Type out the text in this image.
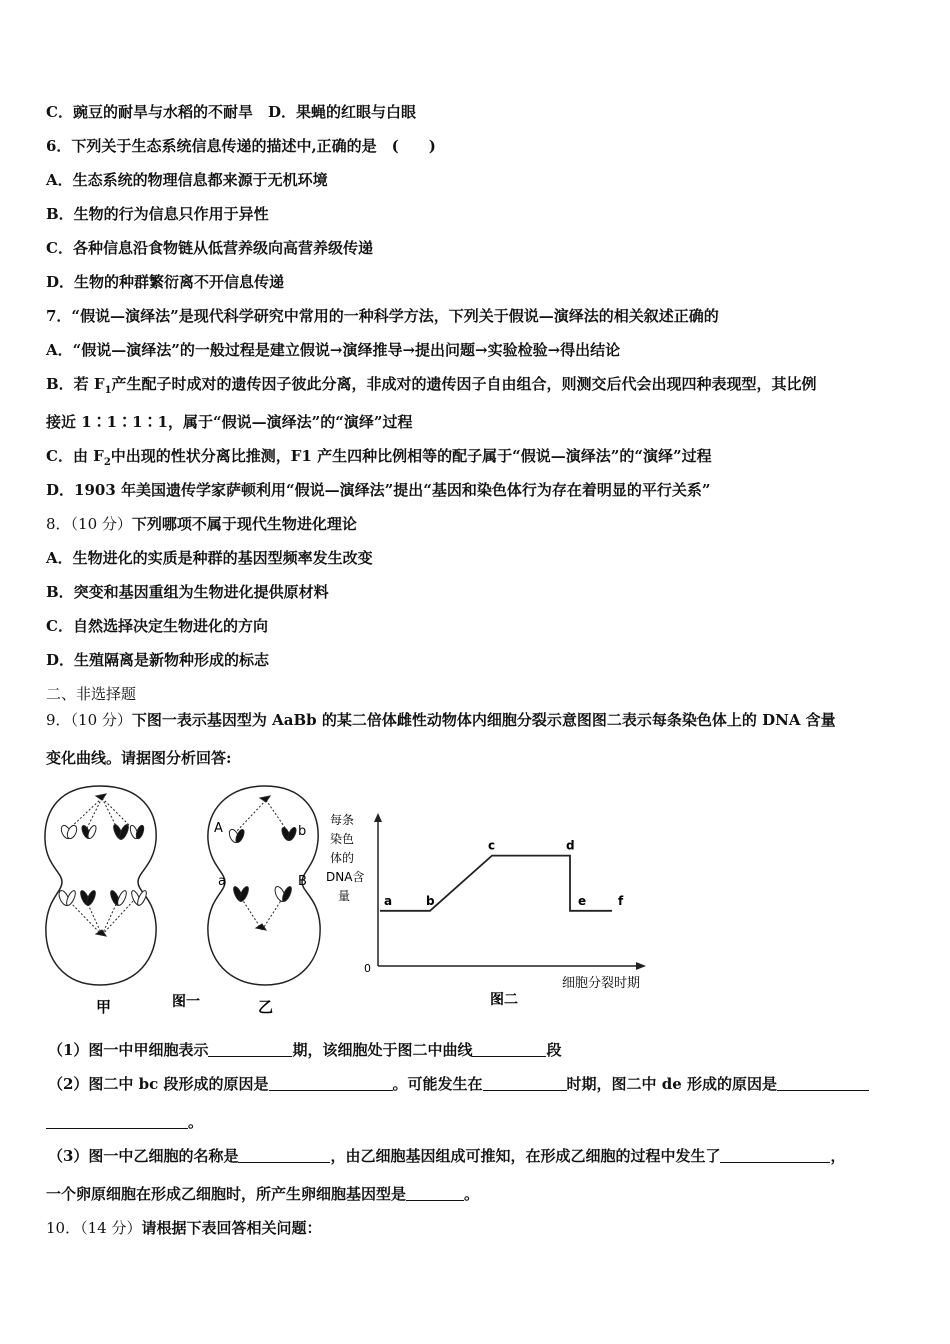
C．豌豆的耐旱与水稻的不耐旱　 D．果蝇的红眼与白眼
6．下列关于生态系统信息传递的描述中,正确的是　(　　)
A．生态系统的物理信息都来源于无机环境
B．生物的行为信息只作用于异性
C．各种信息沿食物链从低营养级向高营养级传递
D．生物的种群繁衍离不开信息传递
7．“假说—演绎法”是现代科学研究中常用的一种科学方法，下列关于假说—演绎法的相关叙述正确的
A．“假说—演绎法”的一般过程是建立假说→演绎推导→提出问题→实验检验→得出结论
B．若 $F_1$产生配子时成对的遗传因子彼此分离，非成对的遗传因子自由组合，则测交后代会出现四种表现型，其比例
接近 1∶1∶1∶1，属于“假说—演绎法”的“演绎”过程
C．由 $F_2$中出现的性状分离比推测，F1 产生四种比例相等的配子属于“假说—演绎法”的“演绎”过程
D．1903 年美国遗传学家萨顿利用“假说—演绎法”提出“基因和染色体行为存在着明显的平行关系”
8．（10 分）下列哪项不属于现代生物进化理论
A．生物进化的实质是种群的基因型频率发生改变
B．突变和基因重组为生物进化提供原材料
C．自然选择决定生物进化的方向
D．生殖隔离是新物种形成的标志
二、非选择题
9．（10 分）下图一表示基因型为 AaBb 的某二倍体雌性动物体内细胞分裂示意图图二表示每条染色体上的 DNA 含量
变化曲线。请据图分析回答:
甲
A	b
a	B
乙
图一
每条
染色
体的
DNA含
量
0
细胞分裂时期
图二
a	b
c	d
e	f
（1）图一中甲细胞表示	期，该细胞处于图二中曲线	段
（2）图二中 bc 段形成的原因是	。可能发生在	时期，图二中 de 形成的原因是
。
（3）图一中乙细胞的名称是	，由乙细胞基因组成可推知，在形成乙细胞的过程中发生了	，
一个卵原细胞在形成乙细胞时，所产生卵细胞基因型是	。
10．（14 分）请根据下表回答相关问题：
